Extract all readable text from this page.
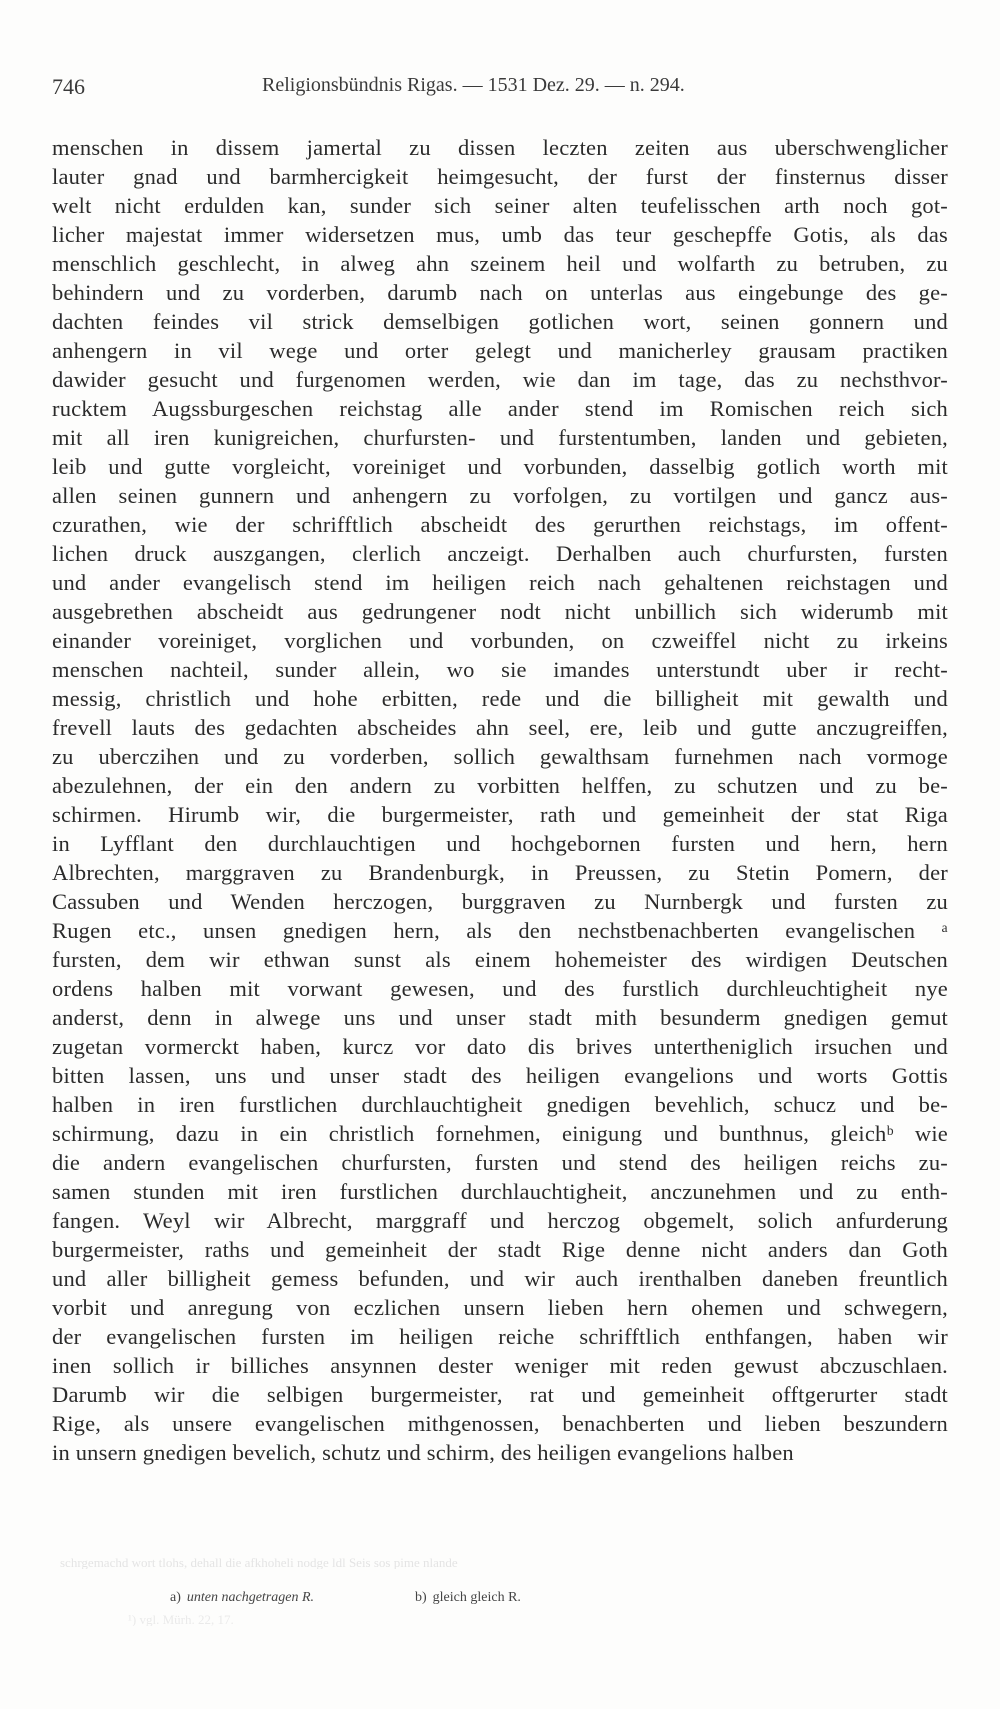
746	Religionsbündnis Rigas. — 1531 Dez. 29. — n. 294.
menschen in dissem jamertal zu dissen leczten zeiten aus uberschwenglicher
lauter gnad und barmhercigkeit heimgesucht, der furst der finsternus disser
welt nicht erdulden kan, sunder sich seiner alten teufelisschen arth noch got-
licher majestat immer widersetzen mus, umb das teur geschepffe Gotis, als das
menschlich geschlecht, in alweg ahn szeinem heil und wolfarth zu betruben, zu
behindern und zu vorderben, darumb nach on unterlas aus eingebunge des ge-
dachten feindes vil strick demselbigen gotlichen wort, seinen gonnern und
anhengern in vil wege und orter gelegt und manicherley grausam practiken
dawider gesucht und furgenomen werden, wie dan im tage, das zu nechsthvor-
rucktem Augssburgeschen reichstag alle ander stend im Romischen reich sich
mit all iren kunigreichen, churfursten- und furstentumben, landen und gebieten,
leib und gutte vorgleicht, voreiniget und vorbunden, dasselbig gotlich worth mit
allen seinen gunnern und anhengern zu vorfolgen, zu vortilgen und gancz aus-
czurathen, wie der schrifftlich abscheidt des gerurthen reichstags, im offent-
lichen druck auszgangen, clerlich anczeigt. Derhalben auch churfursten, fursten
und ander evangelisch stend im heiligen reich nach gehaltenen reichstagen und
ausgebrethen abscheidt aus gedrungener nodt nicht unbillich sich widerumb mit
einander voreiniget, vorglichen und vorbunden, on czweiffel nicht zu irkeins
menschen nachteil, sunder allein, wo sie imandes unterstundt uber ir recht-
messig, christlich und hohe erbitten, rede und die billigheit mit gewalth und
frevell lauts des gedachten abscheides ahn seel, ere, leib und gutte anczugreiffen,
zu uberczihen und zu vorderben, sollich gewalthsam furnehmen nach vormoge
abezulehnen, der ein den andern zu vorbitten helffen, zu schutzen und zu be-
schirmen. Hirumb wir, die burgermeister, rath und gemeinheit der stat Riga
in Lyfflant den durchlauchtigen und hochgebornen fursten und hern, hern
Albrechten, marggraven zu Brandenburgk, in Preussen, zu Stetin Pomern, der
Cassuben und Wenden herczogen, burggraven zu Nurnbergk und fursten zu
Rugen etc., unsen gnedigen hern, als den nechstbenachberten evangelischen ᵃ
fursten, dem wir ethwan sunst als einem hohemeister des wirdigen Deutschen
ordens halben mit vorwant gewesen, und des furstlich durchleuchtigheit nye
anderst, denn in alwege uns und unser stadt mith besunderm gnedigen gemut
zugetan vormerckt haben, kurcz vor dato dis brives untertheniglich irsuchen und
bitten lassen, uns und unser stadt des heiligen evangelions und worts Gottis
halben in iren furstlichen durchlauchtigheit gnedigen bevehlich, schucz und be-
schirmung, dazu in ein christlich fornehmen, einigung und bunthnus, gleichᵇ wie
die andern evangelischen churfursten, fursten und stend des heiligen reichs zu-
samen stunden mit iren furstlichen durchlauchtigheit, anczunehmen und zu enth-
fangen. Weyl wir Albrecht, marggraff und herczog obgemelt, solich anfurderung
burgermeister, raths und gemeinheit der stadt Rige denne nicht anders dan Goth
und aller billigheit gemess befunden, und wir auch irenthalben daneben freuntlich
vorbit und anregung von eczlichen unsern lieben hern ohemen und schwegern,
der evangelischen fursten im heiligen reiche schrifftlich enthfangen, haben wir
inen sollich ir billiches ansynnen dester weniger mit reden gewust abczuschlaen.
Darumb wir die selbigen burgermeister, rat und gemeinheit offtgerurter stadt
Rige, als unsere evangelischen mithgenossen, benachberten und lieben beszundern
in unsern gnedigen bevelich, schutz und schirm, des heiligen evangelions halben
schrgemachd wort tlohs, dehall die afkhoheli nodge ldl Seis sos pime nlande
¹) vgl. Mürh. 22, 17.
a) unten nachgetragen R.	b) gleich gleich R.
